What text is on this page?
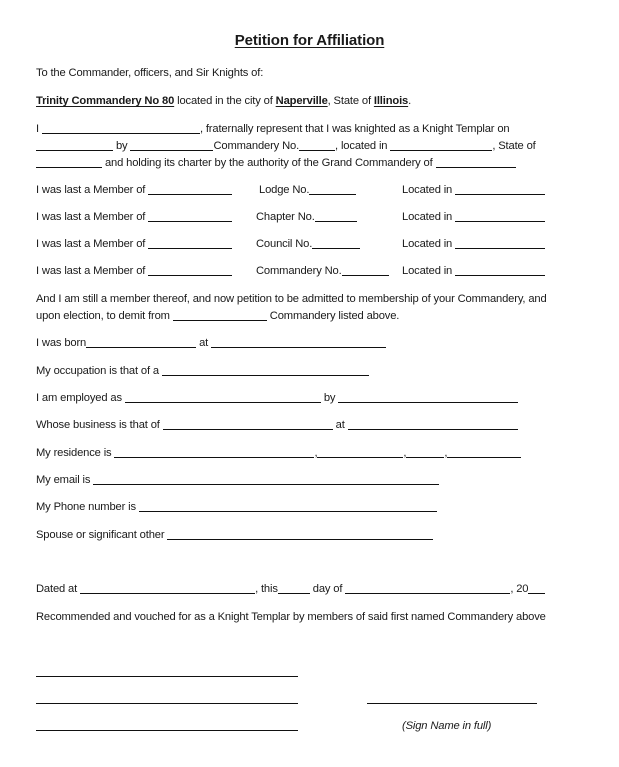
Petition for Affiliation
To the Commander, officers, and Sir Knights of:
Trinity Commandery No 80 located in the city of Naperville, State of Illinois.
I	, fraternally represent that I was knighted as a Knight Templar on
by	Commandery No.	, located in	, State of
and holding its charter by the authority of the Grand Commandery of
I was last a Member of	Lodge No.	Located in
I was last a Member of	Chapter No.	Located in
I was last a Member of	Council No.	Located in
I was last a Member of	Commandery No.	Located in
And I am still a member thereof, and now petition to be admitted to membership of your Commandery, and
upon election, to demit from	Commandery listed above.
I was born	at
My occupation is that of a
I am employed as	by
Whose business is that of	at
My residence is	,	,	,
My email is
My Phone number is
Spouse or significant other
Dated at	, this	day of	, 20
Recommended and vouched for as a Knight Templar by members of said first named Commandery above
(Sign Name in full)
